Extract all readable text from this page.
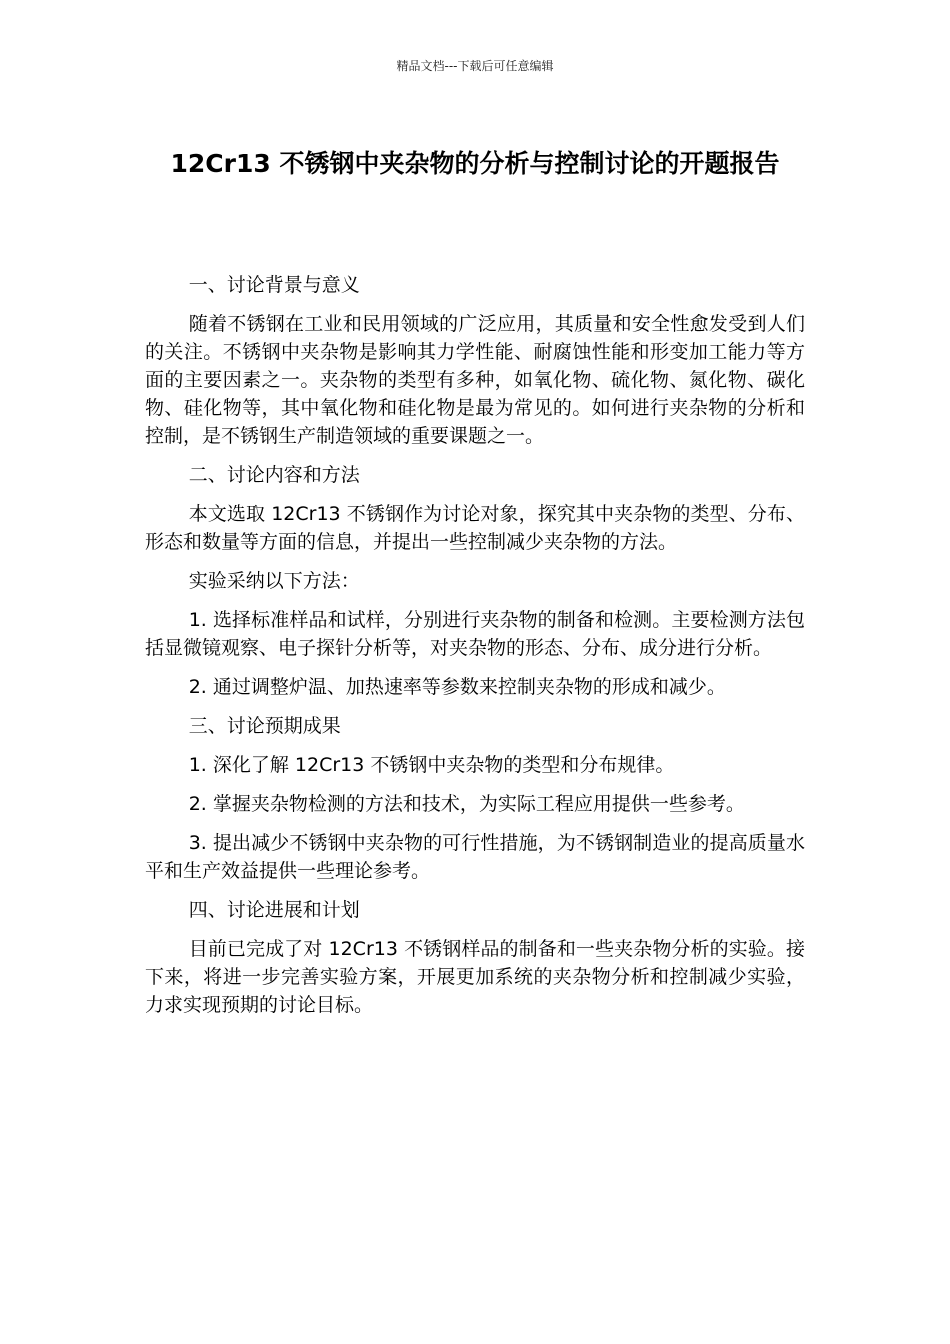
精品文档---下载后可任意编辑
12Cr13 不锈钢中夹杂物的分析与控制讨论的开题报告

一、讨论背景与意义

随着不锈钢在工业和民用领域的广泛应用，其质量和安全性愈发受到人们的关注。不锈钢中夹杂物是影响其力学性能、耐腐蚀性能和形变加工能力等方面的主要因素之一。夹杂物的类型有多种，如氧化物、硫化物、氮化物、碳化物、硅化物等，其中氧化物和硅化物是最为常见的。如何进行夹杂物的分析和控制，是不锈钢生产制造领域的重要课题之一。

二、讨论内容和方法

本文选取 12Cr13 不锈钢作为讨论对象，探究其中夹杂物的类型、分布、形态和数量等方面的信息，并提出一些控制减少夹杂物的方法。

实验采纳以下方法：

1. 选择标准样品和试样，分别进行夹杂物的制备和检测。主要检测方法包括显微镜观察、电子探针分析等，对夹杂物的形态、分布、成分进行分析。

2. 通过调整炉温、加热速率等参数来控制夹杂物的形成和减少。

三、讨论预期成果

1. 深化了解 12Cr13 不锈钢中夹杂物的类型和分布规律。

2. 掌握夹杂物检测的方法和技术，为实际工程应用提供一些参考。

3. 提出减少不锈钢中夹杂物的可行性措施，为不锈钢制造业的提高质量水平和生产效益提供一些理论参考。

四、讨论进展和计划

目前已完成了对 12Cr13 不锈钢样品的制备和一些夹杂物分析的实验。接下来，将进一步完善实验方案，开展更加系统的夹杂物分析和控制减少实验，力求实现预期的讨论目标。
